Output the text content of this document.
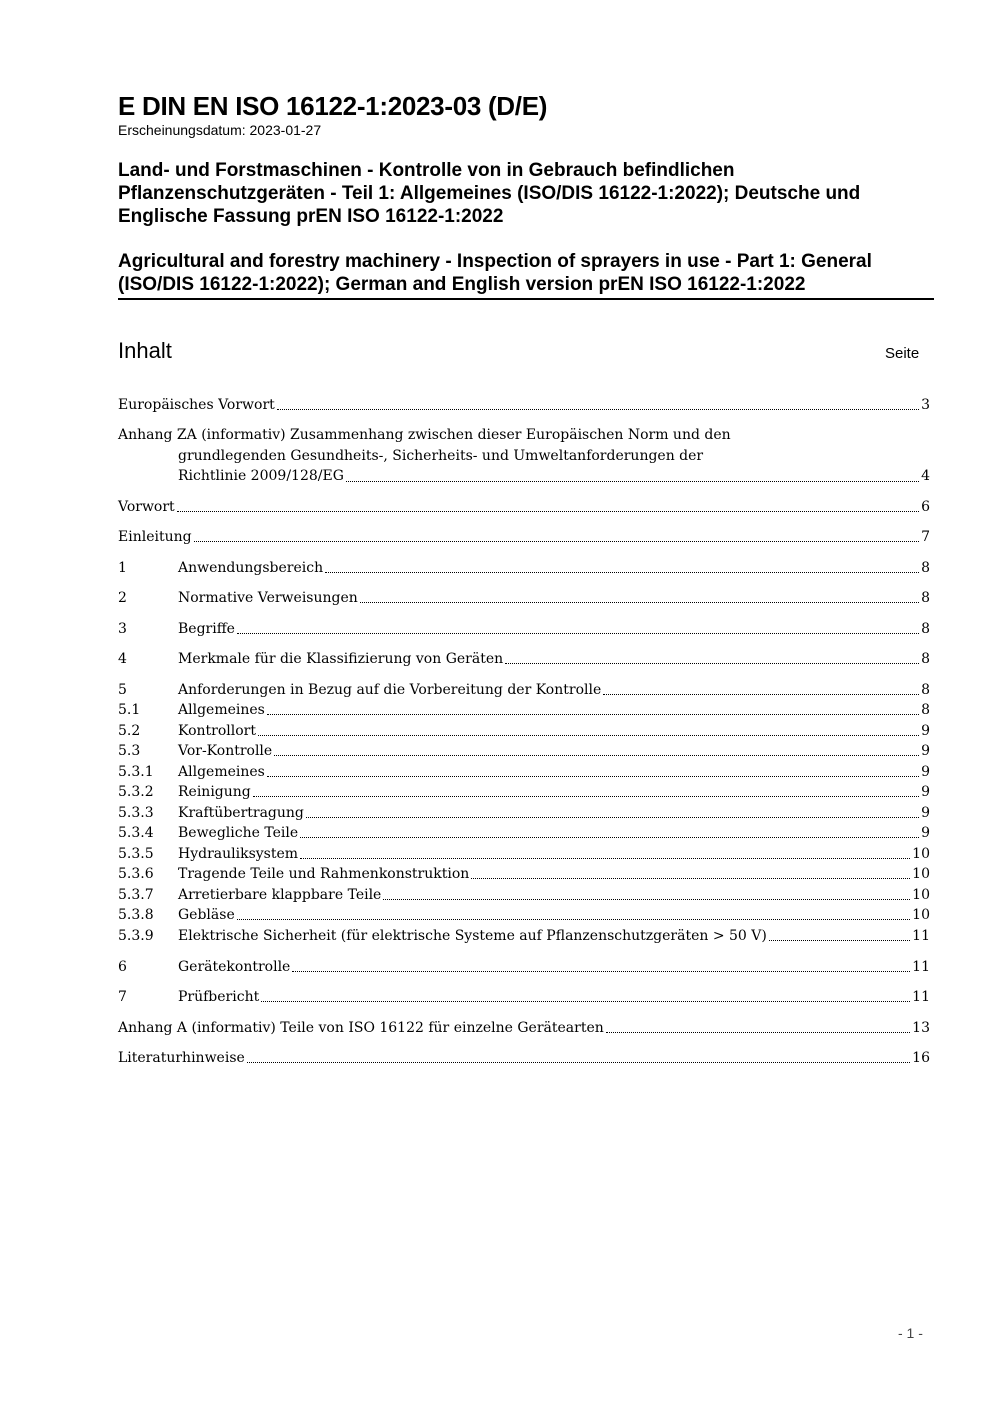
E DIN EN ISO 16122-1:2023-03 (D/E)
Erscheinungsdatum: 2023-01-27
Land- und Forstmaschinen - Kontrolle von in Gebrauch befindlichen
Pflanzenschutzgeräten - Teil 1: Allgemeines (ISO/DIS 16122-1:2022); Deutsche und
Englische Fassung prEN ISO 16122-1:2022
Agricultural and forestry machinery - Inspection of sprayers in use - Part 1: General
(ISO/DIS 16122-1:2022); German and English version prEN ISO 16122-1:2022
Inhalt	Seite
Europäisches Vorwort	3
Anhang ZA (informativ) Zusammenhang zwischen dieser Europäischen Norm und den
grundlegenden Gesundheits-, Sicherheits- und Umweltanforderungen der
Richtlinie 2009/128/EG	4
Vorwort	6
Einleitung	7
1	Anwendungsbereich	8
2	Normative Verweisungen	8
3	Begriffe	8
4	Merkmale für die Klassifizierung von Geräten	8
5	Anforderungen in Bezug auf die Vorbereitung der Kontrolle	8
5.1	Allgemeines	8
5.2	Kontrollort	9
5.3	Vor-Kontrolle	9
5.3.1	Allgemeines	9
5.3.2	Reinigung	9
5.3.3	Kraftübertragung	9
5.3.4	Bewegliche Teile	9
5.3.5	Hydrauliksystem	10
5.3.6	Tragende Teile und Rahmenkonstruktion	10
5.3.7	Arretierbare klappbare Teile	10
5.3.8	Gebläse	10
5.3.9	Elektrische Sicherheit (für elektrische Systeme auf Pflanzenschutzgeräten > 50 V)	11
6	Gerätekontrolle	11
7	Prüfbericht	11
Anhang A (informativ) Teile von ISO 16122 für einzelne Gerätearten	13
Literaturhinweise	16
- 1 -
